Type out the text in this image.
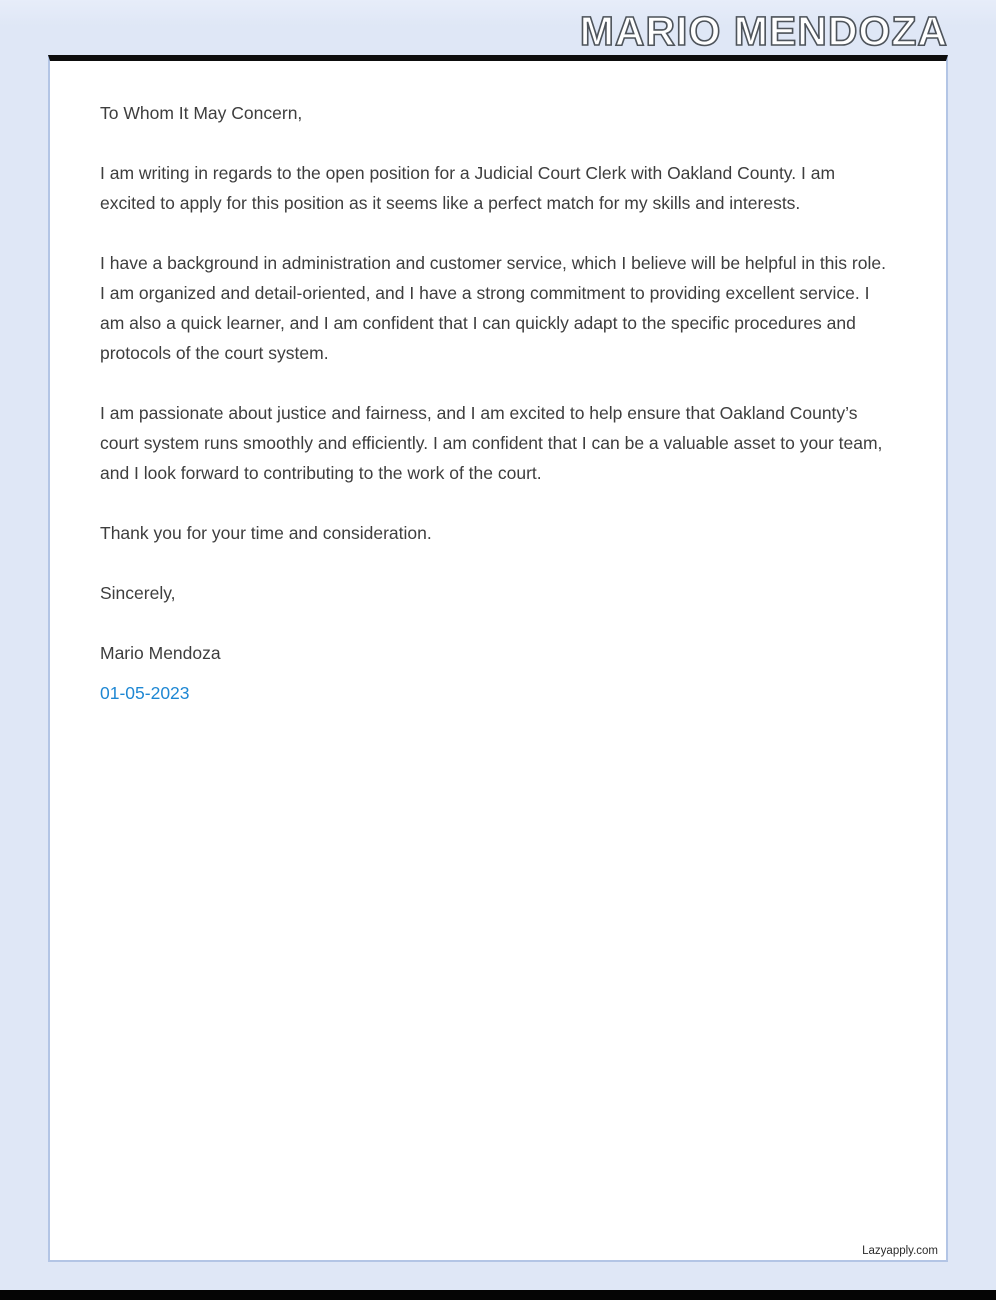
MARIO MENDOZA

To Whom It May Concern,

I am writing in regards to the open position for a Judicial Court Clerk with Oakland County. I am excited to apply for this position as it seems like a perfect match for my skills and interests.

I have a background in administration and customer service, which I believe will be helpful in this role. I am organized and detail-oriented, and I have a strong commitment to providing excellent service. I am also a quick learner, and I am confident that I can quickly adapt to the specific procedures and protocols of the court system.

I am passionate about justice and fairness, and I am excited to help ensure that Oakland County’s court system runs smoothly and efficiently. I am confident that I can be a valuable asset to your team, and I look forward to contributing to the work of the court.

Thank you for your time and consideration.

Sincerely,

Mario Mendoza

01-05-2023

Lazyapply.com
